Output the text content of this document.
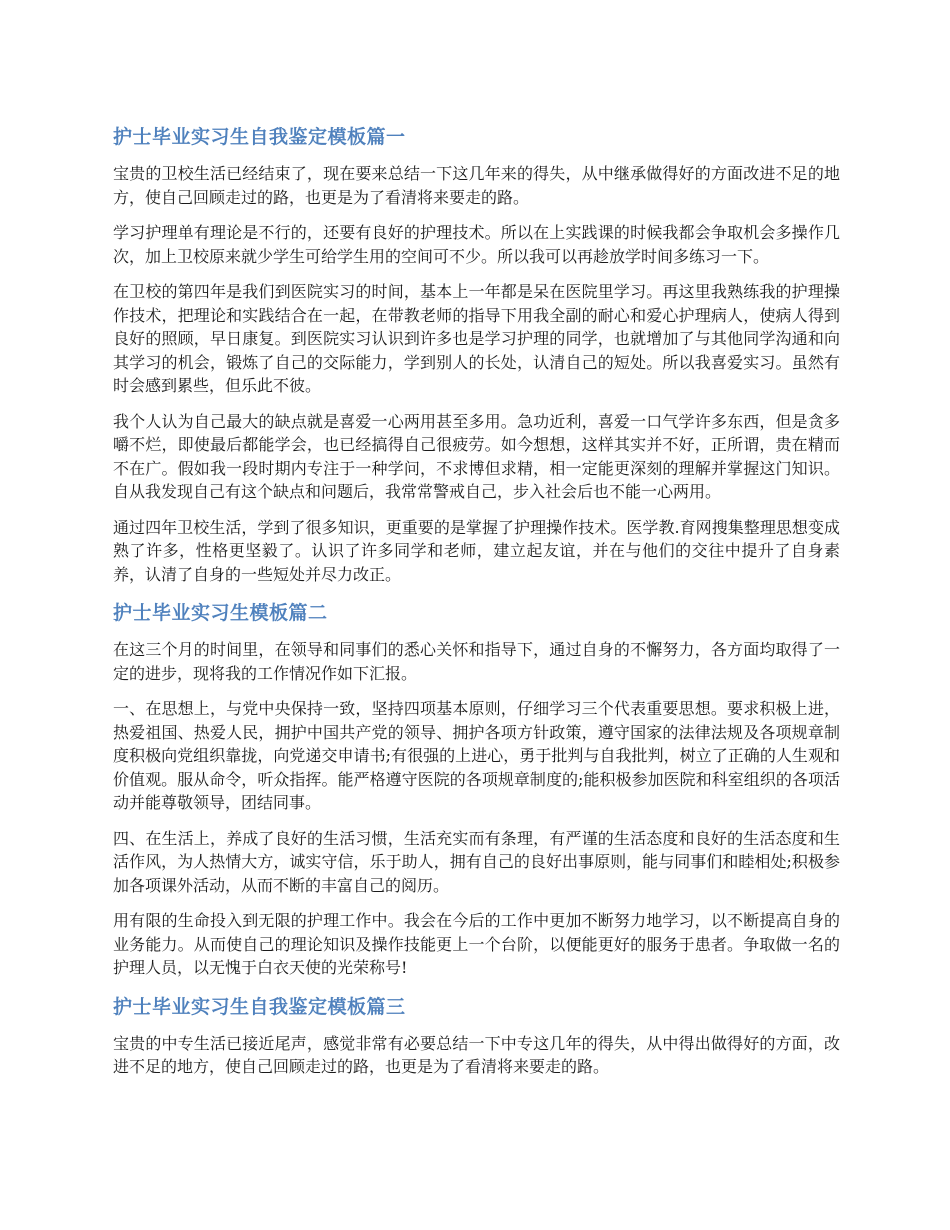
护士毕业实习生自我鉴定模板篇一

宝贵的卫校生活已经结束了，现在要来总结一下这几年来的得失，从中继承做得好的方面改进不足的地方，使自己回顾走过的路，也更是为了看清将来要走的路。

学习护理单有理论是不行的，还要有良好的护理技术。所以在上实践课的时候我都会争取机会多操作几次，加上卫校原来就少学生可给学生用的空间可不少。所以我可以再趁放学时间多练习一下。

在卫校的第四年是我们到医院实习的时间，基本上一年都是呆在医院里学习。再这里我熟练我的护理操作技术，把理论和实践结合在一起，在带教老师的指导下用我全副的耐心和爱心护理病人，使病人得到良好的照顾，早日康复。到医院实习认识到许多也是学习护理的同学，也就增加了与其他同学沟通和向其学习的机会，锻炼了自己的交际能力，学到别人的长处，认清自己的短处。所以我喜爱实习。虽然有时会感到累些，但乐此不彼。

我个人认为自己最大的缺点就是喜爱一心两用甚至多用。急功近利，喜爱一口气学许多东西，但是贪多嚼不烂，即使最后都能学会，也已经搞得自己很疲劳。如今想想，这样其实并不好，正所谓，贵在精而不在广。假如我一段时期内专注于一种学问，不求博但求精，相一定能更深刻的理解并掌握这门知识。自从我发现自己有这个缺点和问题后，我常常警戒自己，步入社会后也不能一心两用。

通过四年卫校生活，学到了很多知识，更重要的是掌握了护理操作技术。医学教.育网搜集整理思想变成熟了许多，性格更坚毅了。认识了许多同学和老师，建立起友谊，并在与他们的交往中提升了自身素养，认清了自身的一些短处并尽力改正。

护士毕业实习生模板篇二

在这三个月的时间里，在领导和同事们的悉心关怀和指导下，通过自身的不懈努力，各方面均取得了一定的进步，现将我的工作情况作如下汇报。

一、在思想上，与党中央保持一致，坚持四项基本原则，仔细学习三个代表重要思想。要求积极上进，热爱祖国、热爱人民，拥护中国共产党的领导、拥护各项方针政策，遵守国家的法律法规及各项规章制度积极向党组织靠拢，向党递交申请书;有很强的上进心，勇于批判与自我批判，树立了正确的人生观和价值观。服从命令，听众指挥。能严格遵守医院的各项规章制度的;能积极参加医院和科室组织的各项活动并能尊敬领导，团结同事。

四、在生活上，养成了良好的生活习惯，生活充实而有条理，有严谨的生活态度和良好的生活态度和生活作风，为人热情大方，诚实守信，乐于助人，拥有自己的良好出事原则，能与同事们和睦相处;积极参加各项课外活动，从而不断的丰富自己的阅历。

用有限的生命投入到无限的护理工作中。我会在今后的工作中更加不断努力地学习，以不断提高自身的业务能力。从而使自己的理论知识及操作技能更上一个台阶，以便能更好的服务于患者。争取做一名的护理人员，以无愧于白衣天使的光荣称号!

护士毕业实习生自我鉴定模板篇三

宝贵的中专生活已接近尾声，感觉非常有必要总结一下中专这几年的得失，从中得出做得好的方面，改进不足的地方，使自己回顾走过的路，也更是为了看清将来要走的路。
